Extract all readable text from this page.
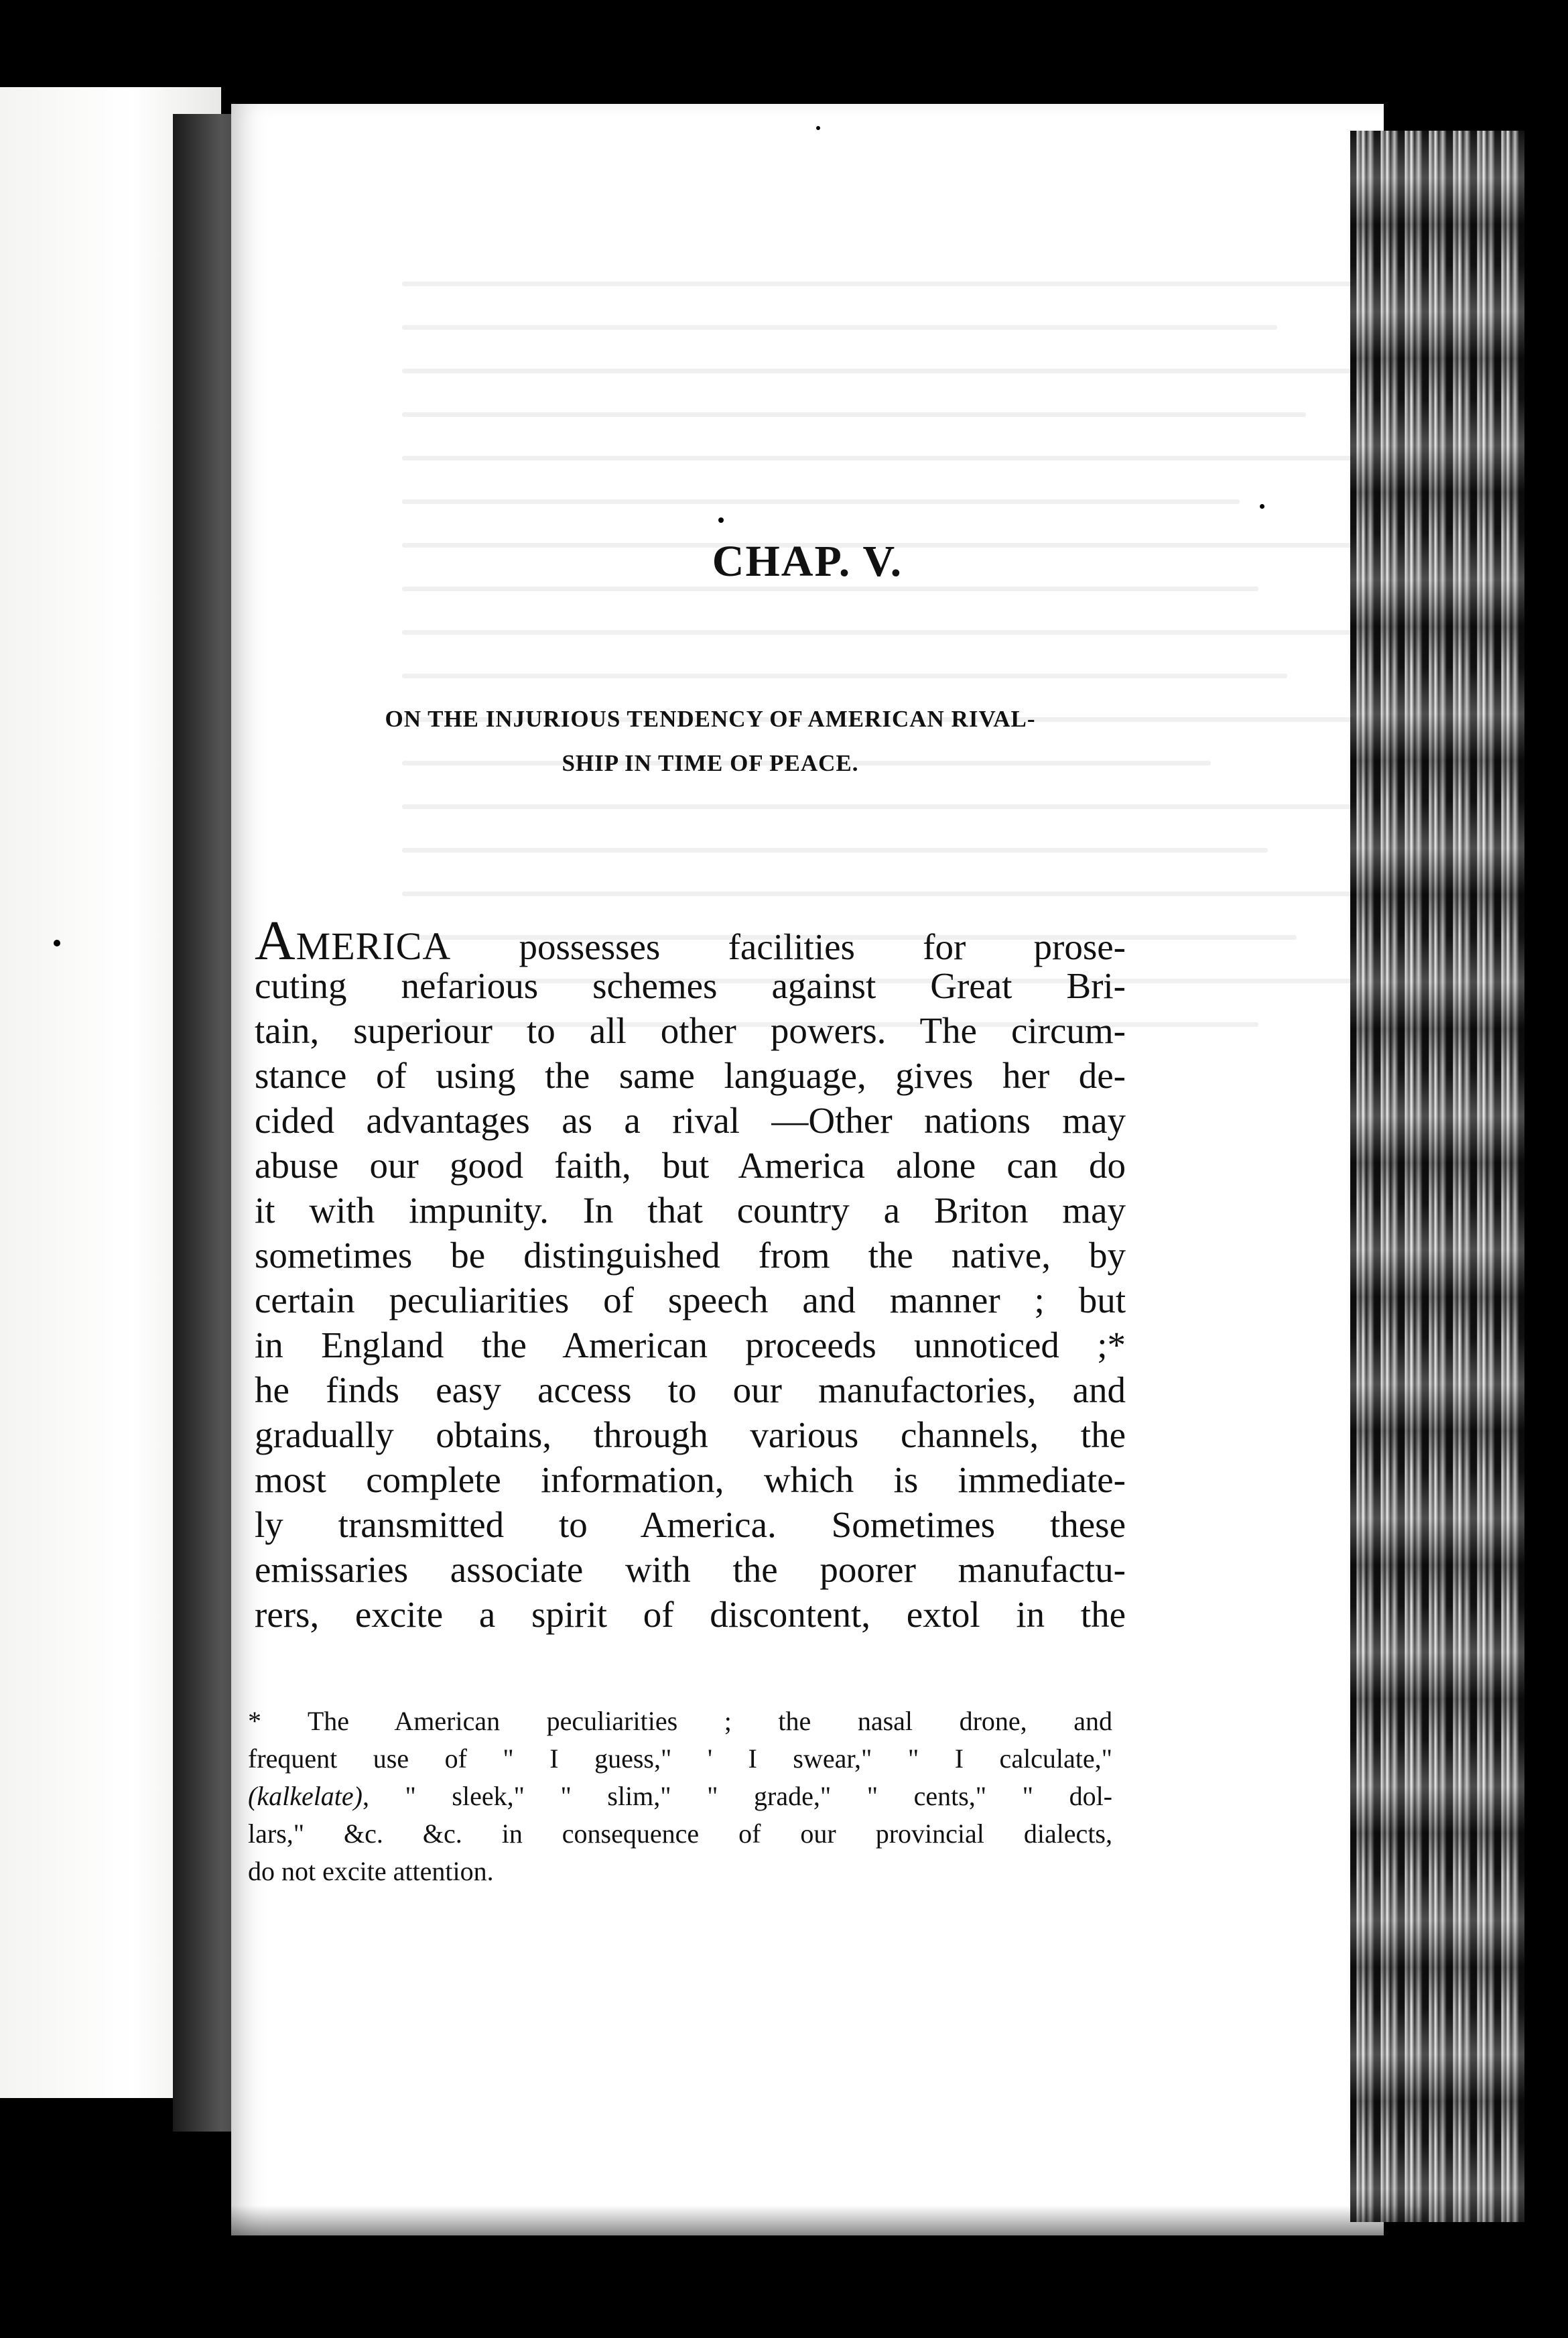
CHAP. V.
ON THE INJURIOUS TENDENCY OF AMERICAN RIVAL-
SHIP IN TIME OF PEACE.
AMERICA possesses facilities for prose-
cuting nefarious schemes against Great Bri-
tain, superiour to all other powers. The circum-
stance of using the same language, gives her de-
cided advantages as a rival —Other nations may
abuse our good faith, but America alone can do
it with impunity. In that country a Briton may
sometimes be distinguished from the native, by
certain peculiarities of speech and manner ; but
in England the American proceeds unnoticed ;*
he finds easy access to our manufactories, and
gradually obtains, through various channels, the
most complete information, which is immediate-
ly transmitted to America. Sometimes these
emissaries associate with the poorer manufactu-
rers, excite a spirit of discontent, extol in the
* The American peculiarities ; the nasal drone, and
frequent use of " I guess," ' I swear," " I calculate,"
(kalkelate), " sleek," " slim," " grade," " cents," " dol-
lars," &c. &c. in consequence of our provincial dialects,
do not excite attention.
